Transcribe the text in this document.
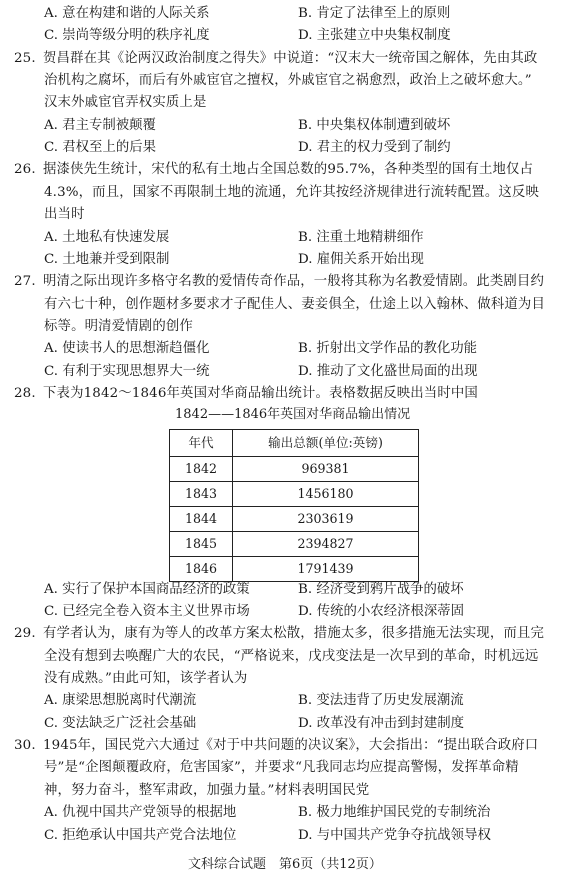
A. 意在构建和谐的人际关系	B. 肯定了法律至上的原则
C. 崇尚等级分明的秩序礼度	D. 主张建立中央集权制度
25. 贺昌群在其《论两汉政治制度之得失》中说道：“汉末大一统帝国之解体，先由其政
治机构之腐坏，而后有外戚宦官之擅权，外戚宦官之祸愈烈，政治上之破坏愈大。”
汉末外戚宦官弄权实质上是
A. 君主专制被颠覆	B. 中央集权体制遭到破坏
C. 君权至上的后果	D. 君主的权力受到了制约
26. 据漆侠先生统计，宋代的私有土地占全国总数的95.7%，各种类型的国有土地仅占
4.3%，而且，国家不再限制土地的流通，允许其按经济规律进行流转配置。这反映
出当时
A. 土地私有快速发展	B. 注重土地精耕细作
C. 土地兼并受到限制	D. 雇佣关系开始出现
27. 明清之际出现许多格守名教的爱情传奇作品，一般将其称为名教爱情剧。此类剧目约
有六七十种，创作题材多要求才子配佳人、妻妾俱全，仕途上以入翰林、做科道为目
标等。明清爱情剧的创作
A. 使读书人的思想渐趋僵化	B. 折射出文学作品的教化功能
C. 有利于实现思想界大一统	D. 推动了文化盛世局面的出现
28. 下表为1842～1846年英国对华商品输出统计。表格数据反映出当时中国
1842——1846年英国对华商品输出情况
年代	输出总额(单位:英镑)
1842	969381
1843	1456180
1844	2303619
1845	2394827
1846	1791439
A. 实行了保护本国商品经济的政策	B. 经济受到鸦片战争的破坏
C. 已经完全卷入资本主义世界市场	D. 传统的小农经济根深蒂固
29. 有学者认为，康有为等人的改革方案太松散，措施太多，很多措施无法实现，而且完
全没有想到去唤醒广大的农民，“严格说来，戊戌变法是一次早到的革命，时机远远
没有成熟。”由此可知，该学者认为
A. 康梁思想脱离时代潮流	B. 变法违背了历史发展潮流
C. 变法缺乏广泛社会基础	D. 改革没有冲击到封建制度
30. 1945年，国民党六大通过《对于中共问题的决议案》，大会指出：“提出联合政府口
号”是“企图颠覆政府，危害国家”，并要求“凡我同志均应提高警惕，发挥革命精
神，努力奋斗，整军肃政，加强力量。”材料表明国民党
A. 仇视中国共产党领导的根据地	B. 极力地维护国民党的专制统治
C. 拒绝承认中国共产党合法地位	D. 与中国共产党争夺抗战领导权
文科综合试题　第6页（共12页）
